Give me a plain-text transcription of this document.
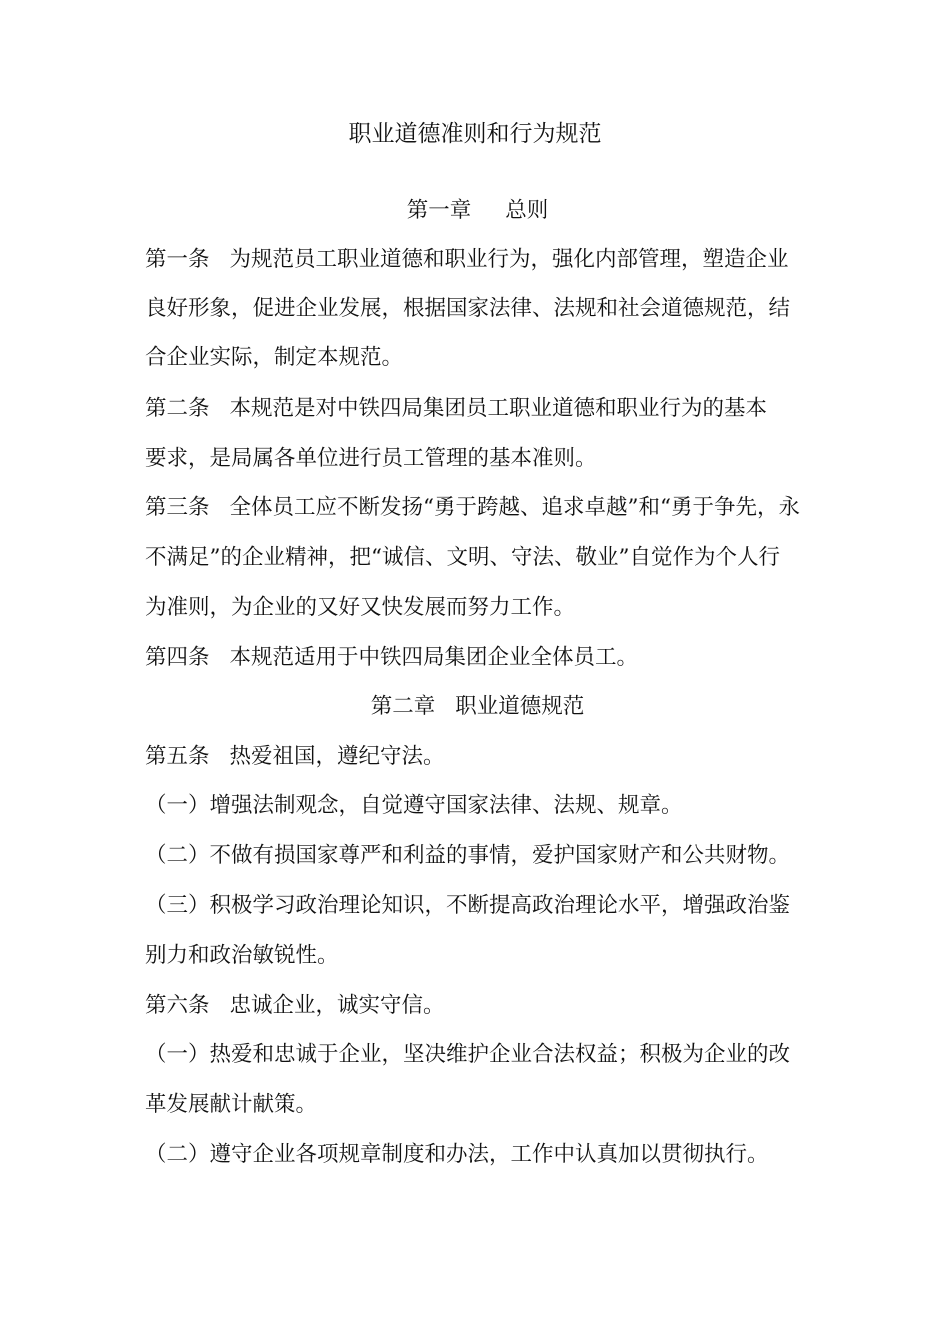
职业道德准则和行为规范
第一章 总则
第一条 为规范员工职业道德和职业行为，强化内部管理，塑造企业
良好形象，促进企业发展，根据国家法律、法规和社会道德规范，结
合企业实际，制定本规范。
第二条 本规范是对中铁四局集团员工职业道德和职业行为的基本
要求，是局属各单位进行员工管理的基本准则。
第三条 全体员工应不断发扬“勇于跨越、追求卓越”和“勇于争先，永
不满足”的企业精神，把“诚信、文明、守法、敬业”自觉作为个人行
为准则，为企业的又好又快发展而努力工作。
第四条 本规范适用于中铁四局集团企业全体员工。
第二章 职业道德规范
第五条 热爱祖国，遵纪守法。
（一）增强法制观念，自觉遵守国家法律、法规、规章。
（二）不做有损国家尊严和利益的事情，爱护国家财产和公共财物。
（三）积极学习政治理论知识，不断提高政治理论水平，增强政治鉴
别力和政治敏锐性。
第六条 忠诚企业，诚实守信。
（一）热爱和忠诚于企业，坚决维护企业合法权益；积极为企业的改
革发展献计献策。
（二）遵守企业各项规章制度和办法，工作中认真加以贯彻执行。
